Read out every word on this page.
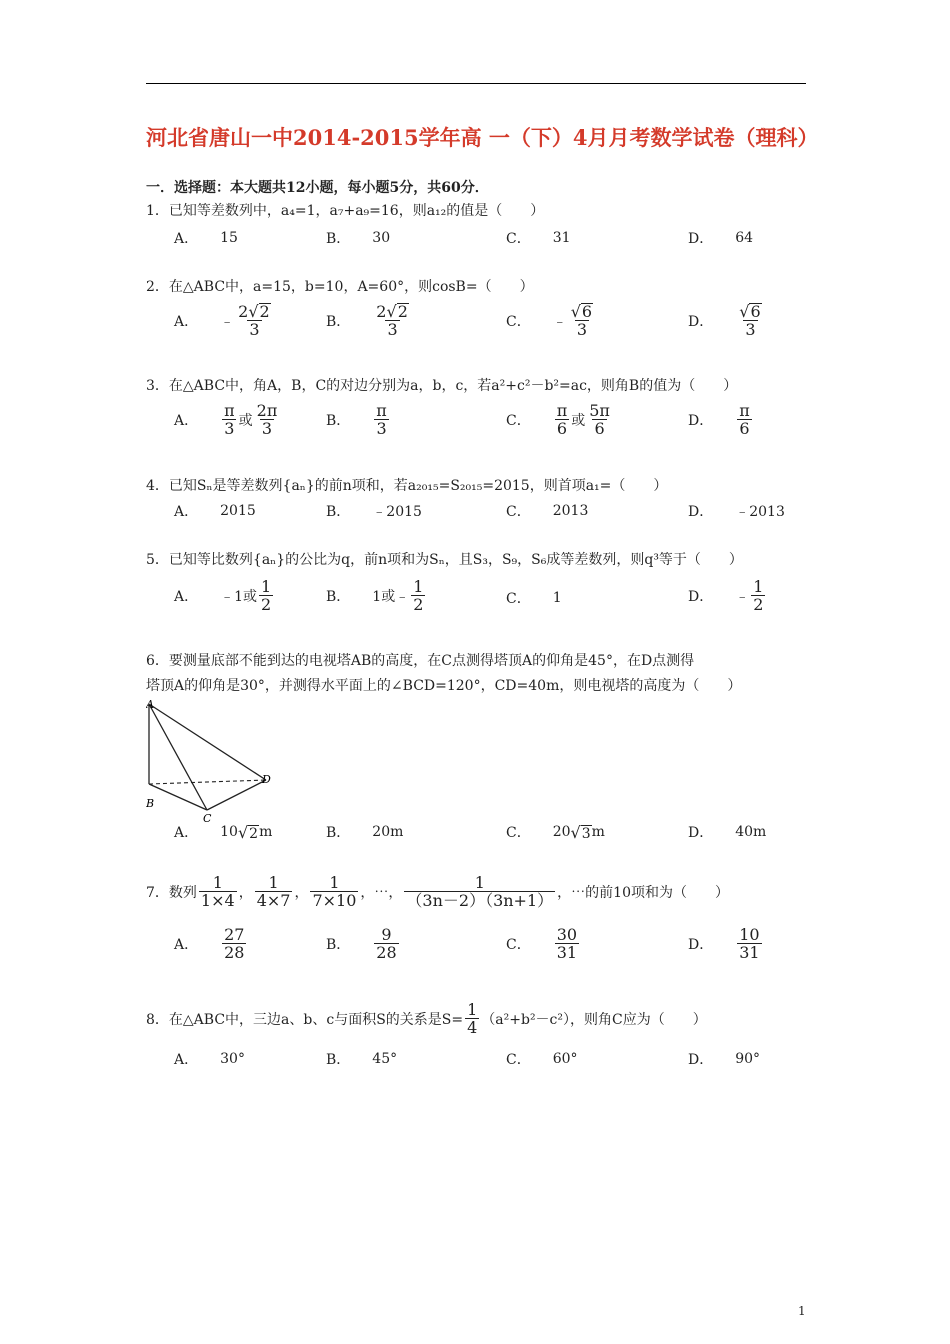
河北省唐山一中2014-2015学年高 一（下）4月月考数学试卷（理科）
一．选择题：本大题共12小题，每小题5分，共60分．
1．已知等差数列中，a₄=1，a₇+a₉=16，则a₁₂的值是（　　）
A． 15	B． 30	C． 31	D． 64
2．在△ABC中，a=15，b=10，A=60°，则cosB=（　　）
A． ﹣ $\frac{2 √ 2}{3}$	B． $\frac{2 √ 2}{3}$	C． ﹣ $\frac{√ 6}{3}$	D． $\frac{√ 6}{3}$
3．在△ABC中，角A，B，C的对边分别为a，b，c，若a²+c²－b²=ac，则角B的值为（　　）
A． $\frac{\pi}{3}$ 或 $\frac{2\pi}{3}$	B． $\frac{\pi}{3}$	C． $\frac{\pi}{6}$ 或 $\frac{5\pi}{6}$	D． $\frac{\pi}{6}$
4．已知Sₙ是等差数列{aₙ}的前n项和，若a₂₀₁₅=S₂₀₁₅=2015，则首项a₁=（　　）
A． 2015	B． ﹣2015	C． 2013	D． ﹣2013
5．已知等比数列{aₙ}的公比为q，前n项和为Sₙ，且S₃，S₉，S₆成等差数列，则q³等于（　　）
A． ﹣1或 $\frac{1}{2}$	B． 1或﹣ $\frac{1}{2}$	C． 1	D． ﹣ $\frac{1}{2}$
6．要测量底部不能到达的电视塔AB的高度，在C点测得塔顶A的仰角是45°，在D点测得
塔顶A的仰角是30°，并测得水平面上的∠BCD=120°，CD=40m，则电视塔的高度为（　　）
A
B
C
D
A． 10 √ 2 m	B． 20m	C． 20 √ 3 m	D． 40m
7．数列 $\frac{1}{1\times 4}$ ， $\frac{1}{4\times 7}$ ， $\frac{1}{7\times 10}$ ，⋯， $\frac{1}{(3n-2)(3n+1)}$ ，⋯的前10项和为（　　）
A． $\frac{27}{28}$	B． $\frac{9}{28}$	C． $\frac{30}{31}$	D． $\frac{10}{31}$
8．在△ABC中，三边a、b、c与面积S的关系是$S= \frac{1}{4} (a^2+b^2-c^2)$，则角C应为（　　）
A． 30°	B． 45°	C． 60°	D． 90°
1
